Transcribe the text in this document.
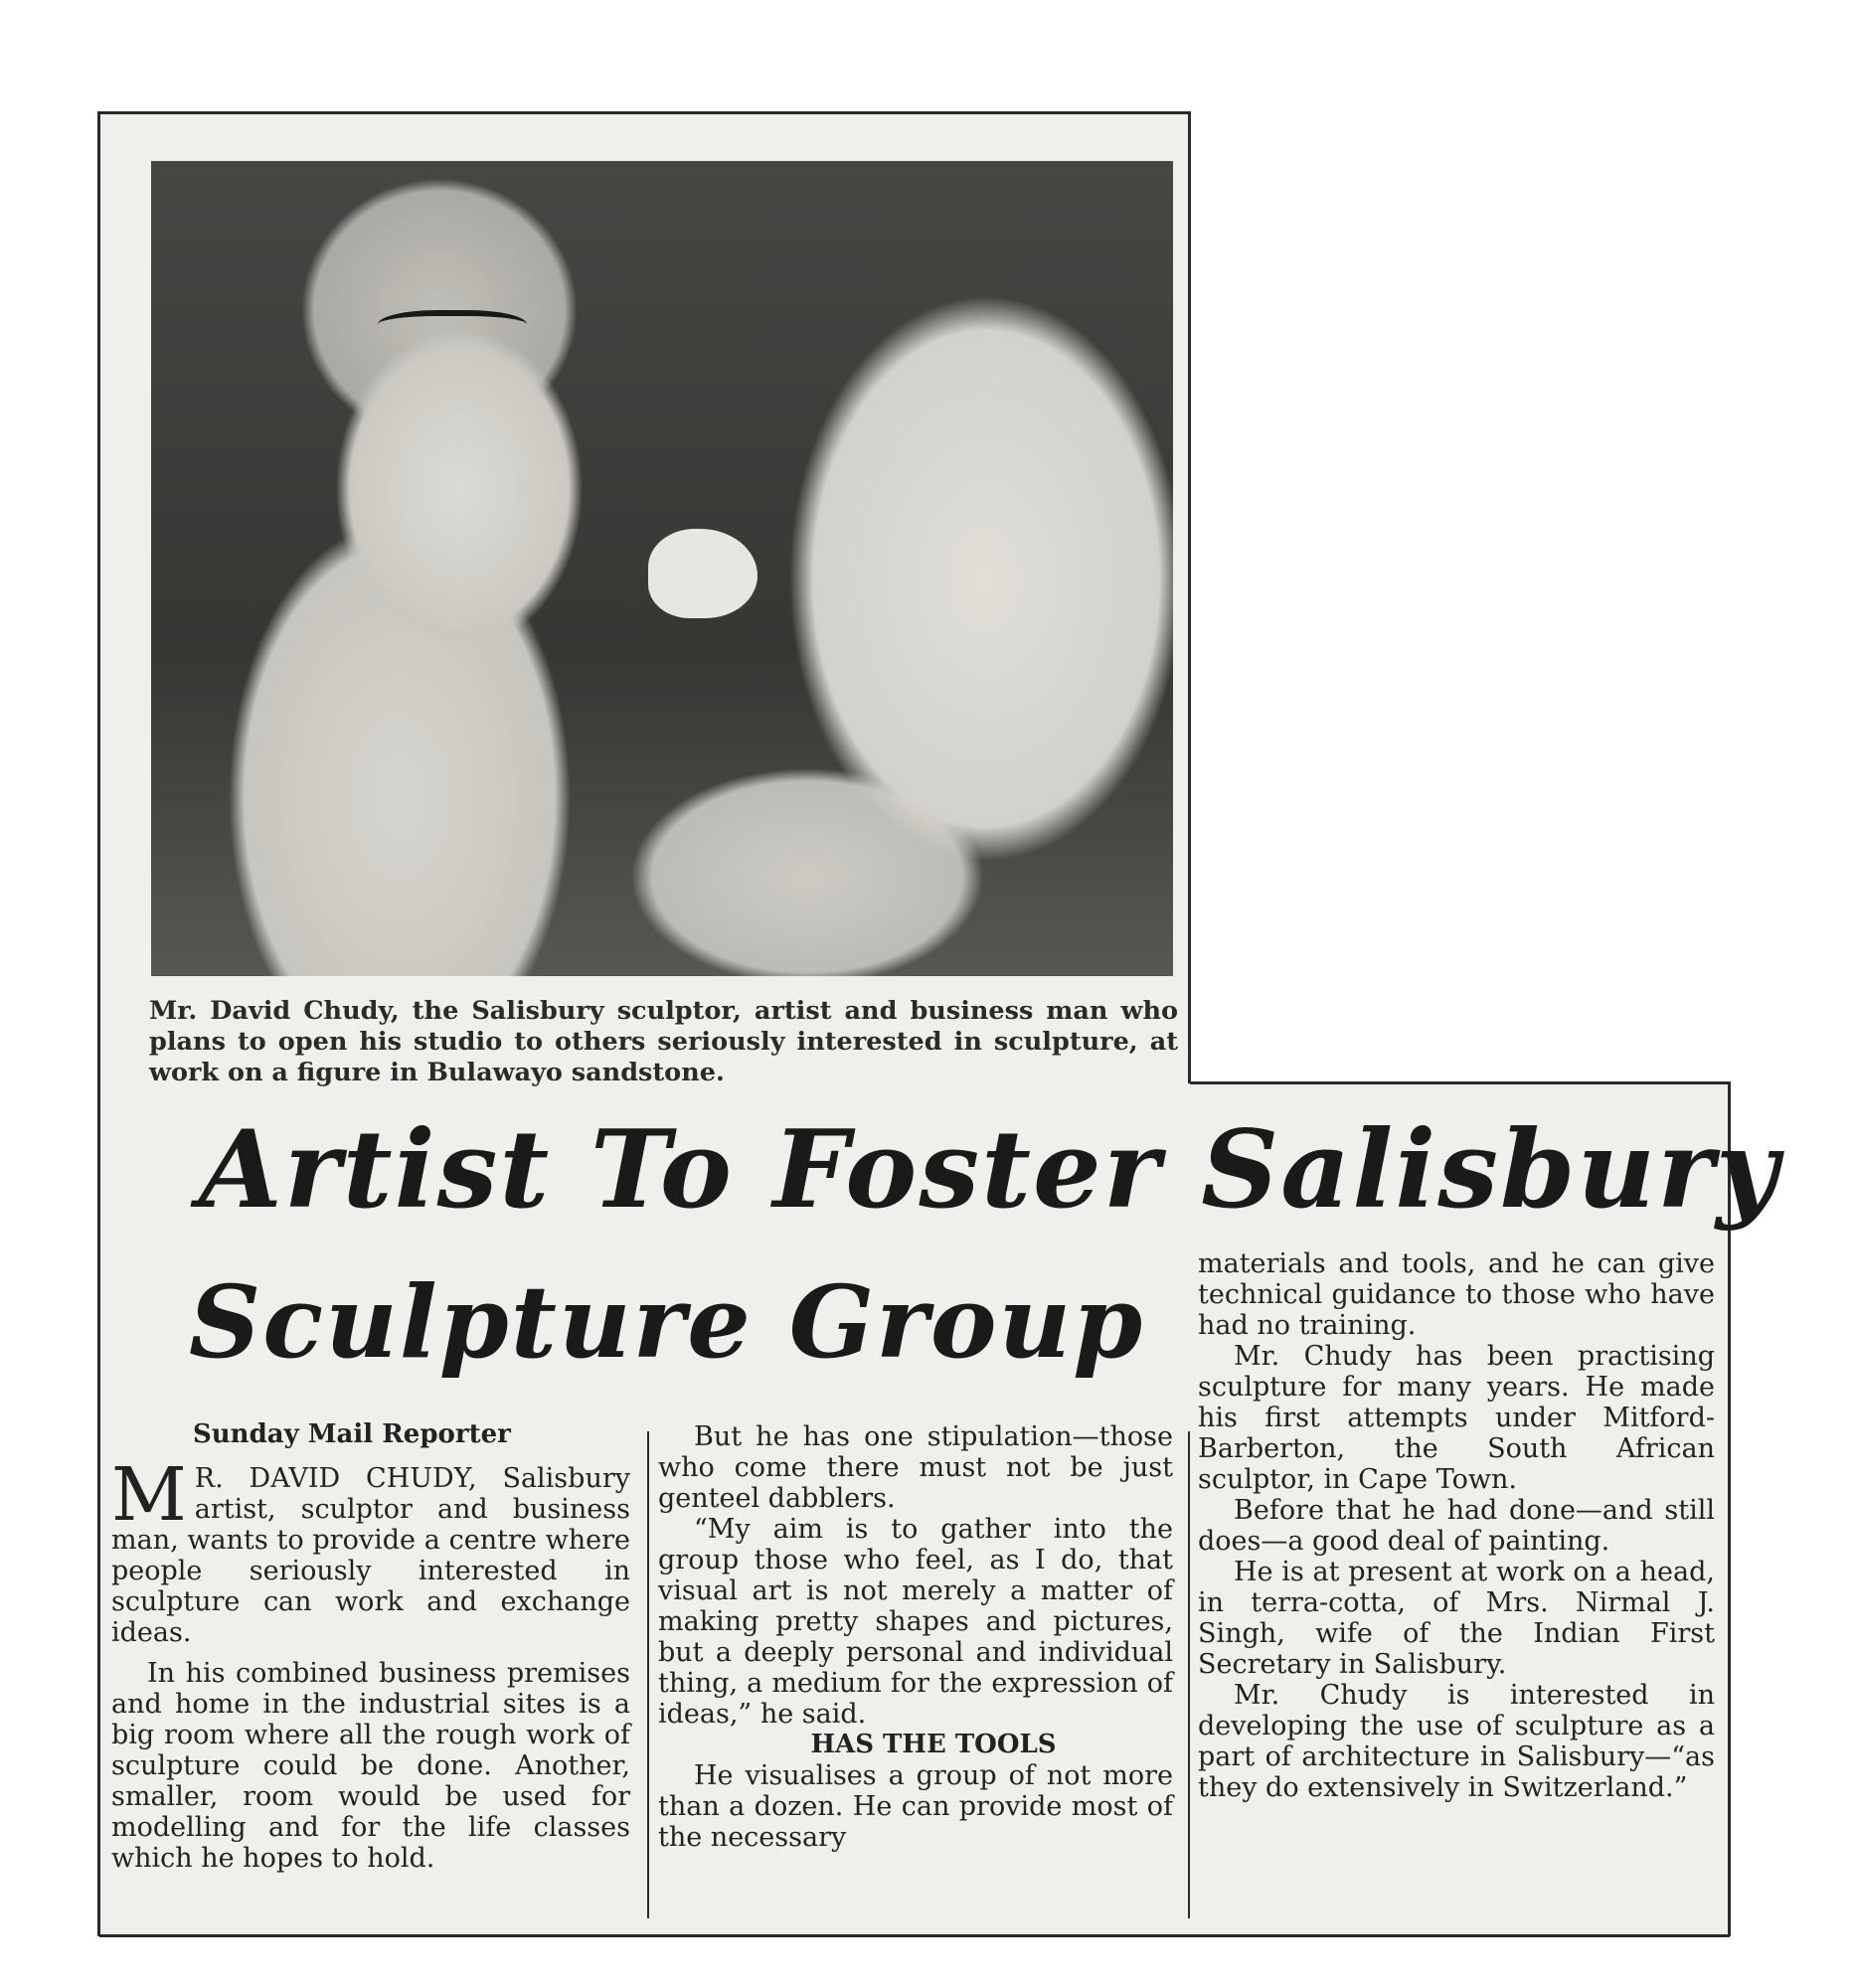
Mr. David Chudy, the Salisbury sculptor, artist and business man who plans to open his studio to others seriously interested in sculpture, at work on a figure in Bulawayo sandstone.
Artist To Foster Salisbury
Sculpture Group
Sunday Mail Reporter

M R. DAVID CHUDY, Salisbury artist, sculptor and business man, wants to provide a centre where people seriously interested in sculpture can work and exchange ideas.

In his combined business premises and home in the industrial sites is a big room where all the rough work of sculpture could be done. Another, smaller, room would be used for modelling and for the life classes which he hopes to hold.

But he has one stipulation—those who come there must not be just genteel dabblers.

“My aim is to gather into the group those who feel, as I do, that visual art is not merely a matter of making pretty shapes and pictures, but a deeply personal and individual thing, a medium for the expression of ideas,” he said.

HAS THE TOOLS

He visualises a group of not more than a dozen. He can provide most of the necessary

materials and tools, and he can give technical guidance to those who have had no training.

Mr. Chudy has been practising sculpture for many years. He made his first attempts under Mitford-Barberton, the South African sculptor, in Cape Town.

Before that he had done—and still does—a good deal of painting.

He is at present at work on a head, in terra-cotta, of Mrs. Nirmal J. Singh, wife of the Indian First Secretary in Salisbury.

Mr. Chudy is interested in developing the use of sculpture as a part of architecture in Salisbury—“as they do extensively in Switzerland.”
